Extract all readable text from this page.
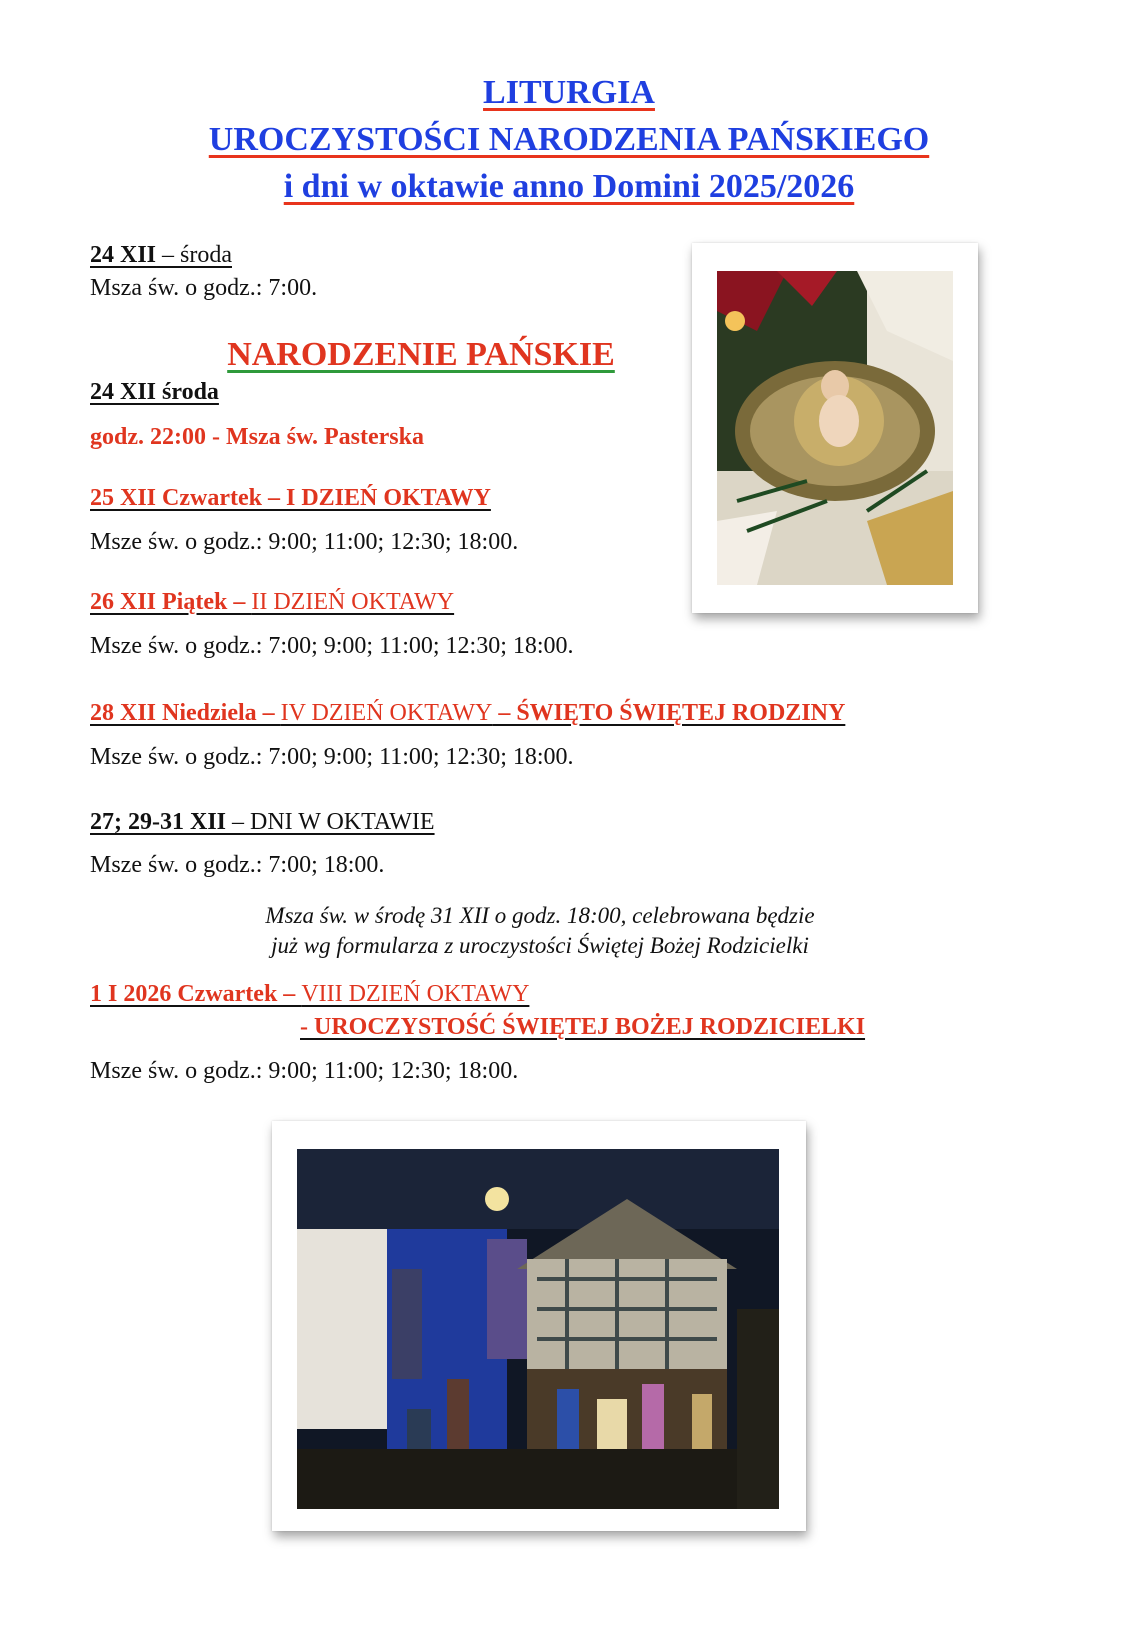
LITURGIA
UROCZYSTOŚCI NARODZENIA PAŃSKIEGO
i dni w oktawie anno Domini 2025/2026
24 XII – środa
Msza św. o godz.: 7:00.
NARODZENIE PAŃSKIE
24 XII środa
godz. 22:00 - Msza św. Pasterska
25 XII Czwartek – I DZIEŃ OKTAWY
Msze św. o godz.: 9:00; 11:00; 12:30; 18:00.
26 XII Piątek – II DZIEŃ OKTAWY
Msze św. o godz.: 7:00; 9:00; 11:00; 12:30; 18:00.
28 XII Niedziela – IV DZIEŃ OKTAWY – ŚWIĘTO ŚWIĘTEJ RODZINY
Msze św. o godz.: 7:00; 9:00; 11:00; 12:30; 18:00.
27; 29-31 XII – DNI W OKTAWIE
Msze św. o godz.: 7:00; 18:00.
Msza św. w środę 31 XII o godz. 18:00, celebrowana będzie
już wg formularza z uroczystości Świętej Bożej Rodzicielki
1 I 2026 Czwartek – VIII DZIEŃ OKTAWY
- UROCZYSTOŚĆ ŚWIĘTEJ BOŻEJ RODZICIELKI
Msze św. o godz.: 9:00; 11:00; 12:30; 18:00.
